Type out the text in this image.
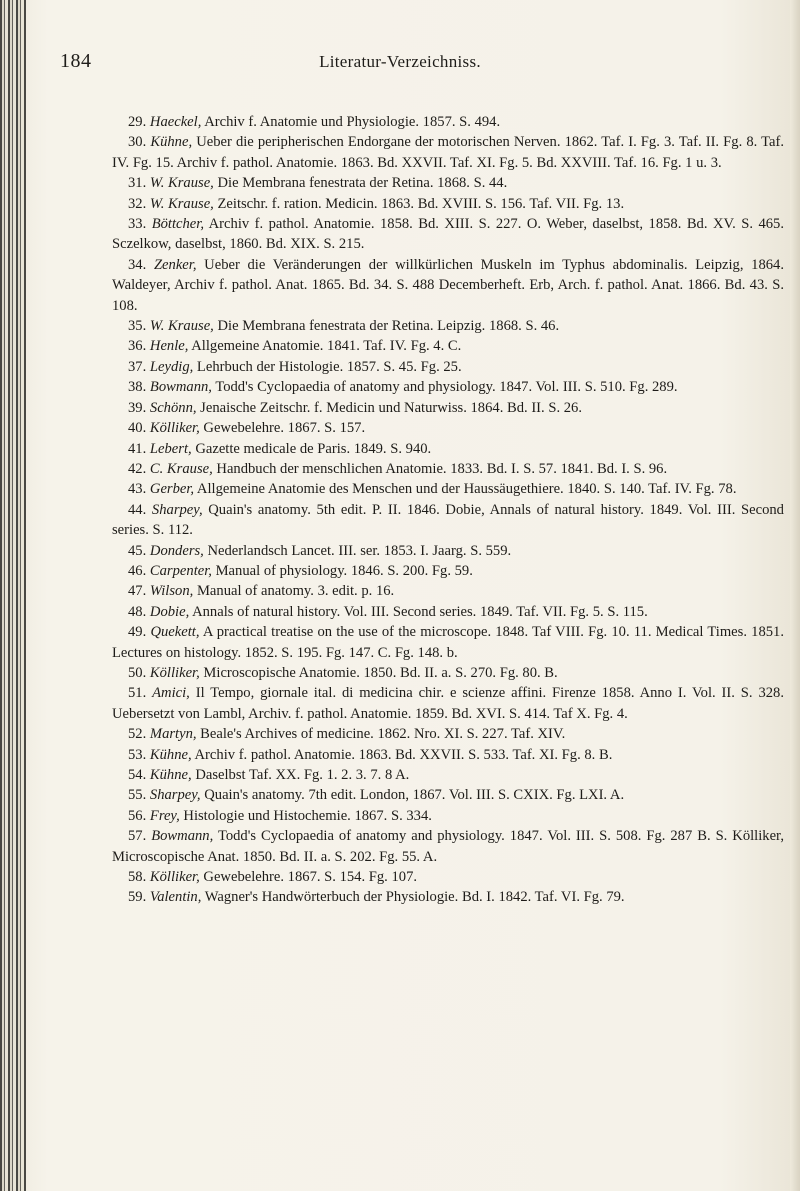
184	Literatur-Verzeichniss.

29. Haeckel, Archiv f. Anatomie und Physiologie. 1857. S. 494.

30. Kühne, Ueber die peripherischen Endorgane der motorischen Nerven. 1862. Taf. I. Fg. 3. Taf. II. Fg. 8. Taf. IV. Fg. 15. Archiv f. pathol. Anatomie. 1863. Bd. XXVII. Taf. XI. Fg. 5. Bd. XXVIII. Taf. 16. Fg. 1 u. 3.

31. W. Krause, Die Membrana fenestrata der Retina. 1868. S. 44.

32. W. Krause, Zeitschr. f. ration. Medicin. 1863. Bd. XVIII. S. 156. Taf. VII. Fg. 13.

33. Böttcher, Archiv f. pathol. Anatomie. 1858. Bd. XIII. S. 227. O. Weber, daselbst, 1858. Bd. XV. S. 465. Sczelkow, daselbst, 1860. Bd. XIX. S. 215.

34. Zenker, Ueber die Veränderungen der willkürlichen Muskeln im Typhus abdominalis. Leipzig, 1864. Waldeyer, Archiv f. pathol. Anat. 1865. Bd. 34. S. 488 Decemberheft. Erb, Arch. f. pathol. Anat. 1866. Bd. 43. S. 108.

35. W. Krause, Die Membrana fenestrata der Retina. Leipzig. 1868. S. 46.

36. Henle, Allgemeine Anatomie. 1841. Taf. IV. Fg. 4. C.

37. Leydig, Lehrbuch der Histologie. 1857. S. 45. Fg. 25.

38. Bowmann, Todd's Cyclopaedia of anatomy and physiology. 1847. Vol. III. S. 510. Fg. 289.

39. Schönn, Jenaische Zeitschr. f. Medicin und Naturwiss. 1864. Bd. II. S. 26.

40. Kölliker, Gewebelehre. 1867. S. 157.

41. Lebert, Gazette medicale de Paris. 1849. S. 940.

42. C. Krause, Handbuch der menschlichen Anatomie. 1833. Bd. I. S. 57. 1841. Bd. I. S. 96.

43. Gerber, Allgemeine Anatomie des Menschen und der Haussäugethiere. 1840. S. 140. Taf. IV. Fg. 78.

44. Sharpey, Quain's anatomy. 5th edit. P. II. 1846. Dobie, Annals of natural history. 1849. Vol. III. Second series. S. 112.

45. Donders, Nederlandsch Lancet. III. ser. 1853. I. Jaarg. S. 559.

46. Carpenter, Manual of physiology. 1846. S. 200. Fg. 59.

47. Wilson, Manual of anatomy. 3. edit. p. 16.

48. Dobie, Annals of natural history. Vol. III. Second series. 1849. Taf. VII. Fg. 5. S. 115.

49. Quekett, A practical treatise on the use of the microscope. 1848. Taf VIII. Fg. 10. 11. Medical Times. 1851. Lectures on histology. 1852. S. 195. Fg. 147. C. Fg. 148. b.

50. Kölliker, Microscopische Anatomie. 1850. Bd. II. a. S. 270. Fg. 80. B.

51. Amici, Il Tempo, giornale ital. di medicina chir. e scienze affini. Firenze 1858. Anno I. Vol. II. S. 328. Uebersetzt von Lambl, Archiv. f. pathol. Anatomie. 1859. Bd. XVI. S. 414. Taf X. Fg. 4.

52. Martyn, Beale's Archives of medicine. 1862. Nro. XI. S. 227. Taf. XIV.

53. Kühne, Archiv f. pathol. Anatomie. 1863. Bd. XXVII. S. 533. Taf. XI. Fg. 8. B.

54. Kühne, Daselbst Taf. XX. Fg. 1. 2. 3. 7. 8 A.

55. Sharpey, Quain's anatomy. 7th edit. London, 1867. Vol. III. S. CXIX. Fg. LXI. A.

56. Frey, Histologie und Histochemie. 1867. S. 334.

57. Bowmann, Todd's Cyclopaedia of anatomy and physiology. 1847. Vol. III. S. 508. Fg. 287 B. S. Kölliker, Microscopische Anat. 1850. Bd. II. a. S. 202. Fg. 55. A.

58. Kölliker, Gewebelehre. 1867. S. 154. Fg. 107.

59. Valentin, Wagner's Handwörterbuch der Physiologie. Bd. I. 1842. Taf. VI. Fg. 79.
